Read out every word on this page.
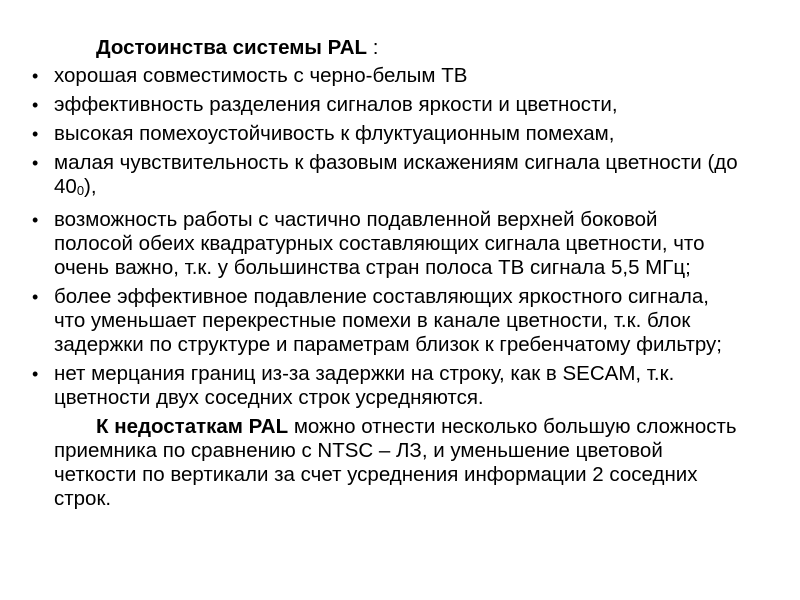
Достоинства системы PAL :

• хорошая совместимость с черно-белым ТВ
• эффективность разделения сигналов яркости и цветности,
• высокая помехоустойчивость к флуктуационным помехам,
• малая чувствительность к фазовым искажениям сигнала цветности (до 400),
• возможность работы с частично подавленной верхней боковой полосой обеих квадратурных составляющих сигнала цветности, что очень важно, т.к. у большинства стран полоса ТВ сигнала 5,5 МГц;
• более эффективное подавление составляющих яркостного сигнала, что уменьшает перекрестные помехи в канале цветности, т.к. блок задержки по структуре и параметрам близок к гребенчатому фильтру;
• нет мерцания границ из-за задержки на строку, как в SECAM, т.к. цветности двух соседних строк усредняются.

К недостаткам PAL можно отнести несколько большую сложность приемника по сравнению с NTSC – ЛЗ, и уменьшение цветовой четкости по вертикали за счет усреднения информации 2 соседних строк.
